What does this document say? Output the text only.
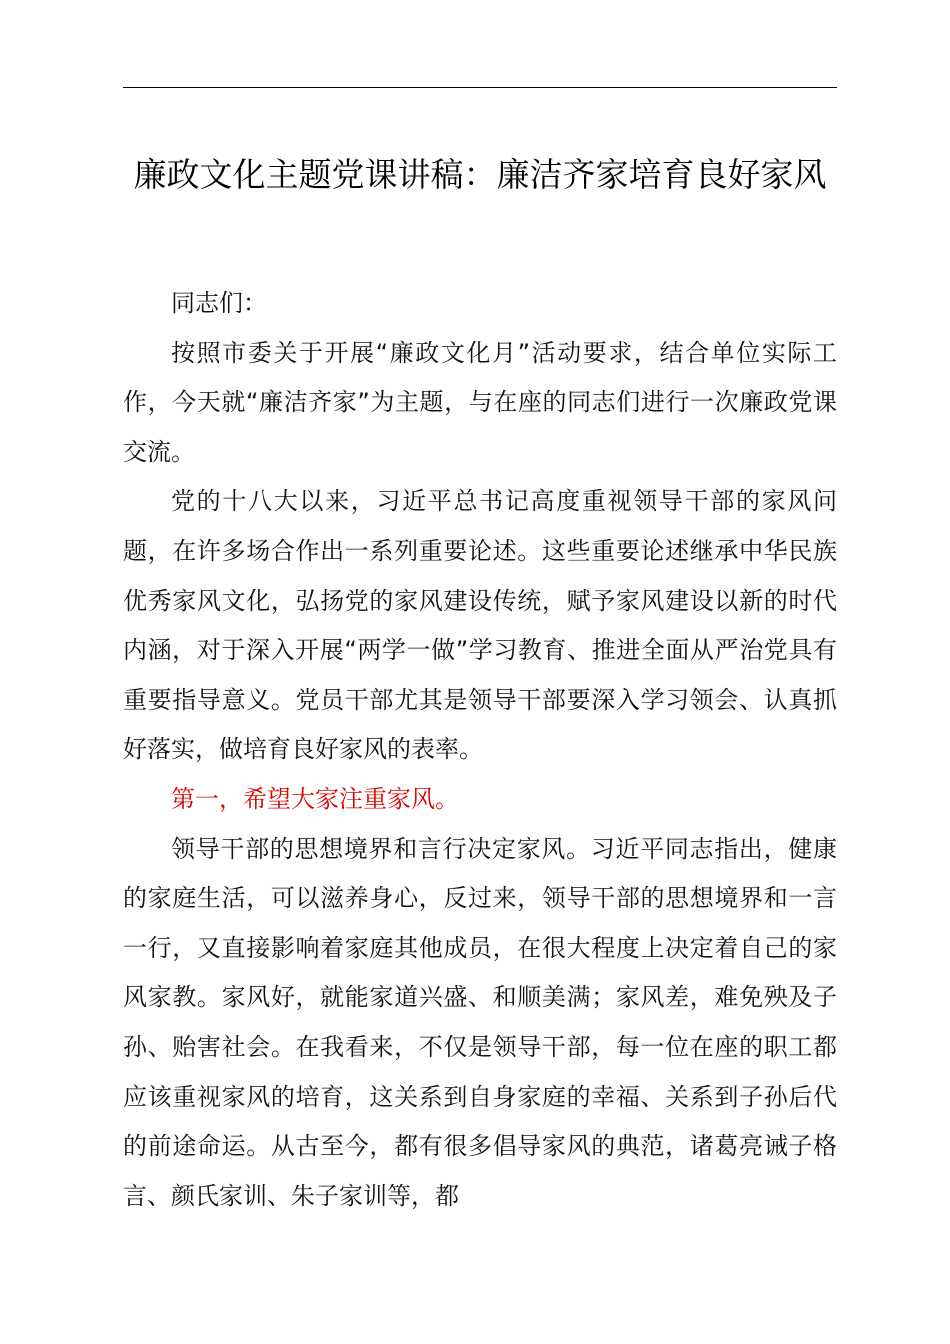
廉政文化主题党课讲稿：廉洁齐家培育良好家风

同志们：

按照市委关于开展“廉政文化月”活动要求，结合单位实际工作，今天就“廉洁齐家”为主题，与在座的同志们进行一次廉政党课交流。

党的十八大以来，习近平总书记高度重视领导干部的家风问题，在许多场合作出一系列重要论述。这些重要论述继承中华民族优秀家风文化，弘扬党的家风建设传统，赋予家风建设以新的时代内涵，对于深入开展“两学一做”学习教育、推进全面从严治党具有重要指导意义。党员干部尤其是领导干部要深入学习领会、认真抓好落实，做培育良好家风的表率。

第一，希望大家注重家风。

领导干部的思想境界和言行决定家风。习近平同志指出，健康的家庭生活，可以滋养身心，反过来，领导干部的思想境界和一言一行，又直接影响着家庭其他成员，在很大程度上决定着自己的家风家教。家风好，就能家道兴盛、和顺美满；家风差，难免殃及子孙、贻害社会。在我看来，不仅是领导干部，每一位在座的职工都应该重视家风的培育，这关系到自身家庭的幸福、关系到子孙后代的前途命运。从古至今，都有很多倡导家风的典范，诸葛亮诫子格言、颜氏家训、朱子家训等，都
